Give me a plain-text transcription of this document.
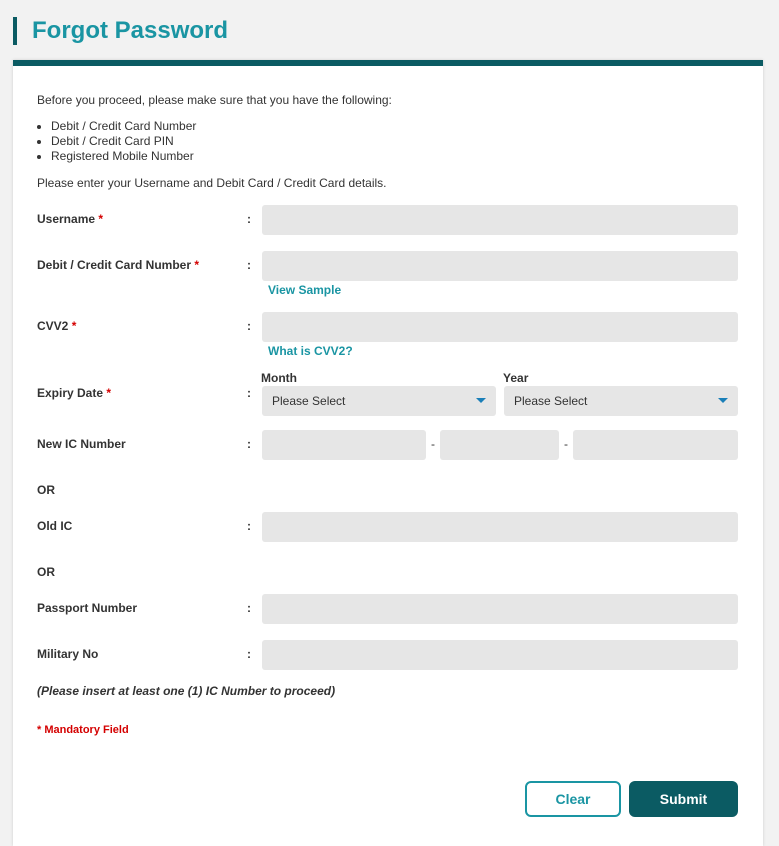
Forgot Password
Before you proceed, please make sure that you have the following:
• Debit / Credit Card Number
• Debit / Credit Card PIN
• Registered Mobile Number
Please enter your Username and Debit Card / Credit Card details.
Username *	:
Debit / Credit Card Number *	:
View Sample
CVV2 *	:
What is CVV2?
Expiry Date *	:
Month
Please Select
Year
Please Select
New IC Number	:	-	-
OR
Old IC	:
OR
Passport Number	:
Military No	:
(Please insert at least one (1) IC Number to proceed)
* Mandatory Field
Clear	Submit
